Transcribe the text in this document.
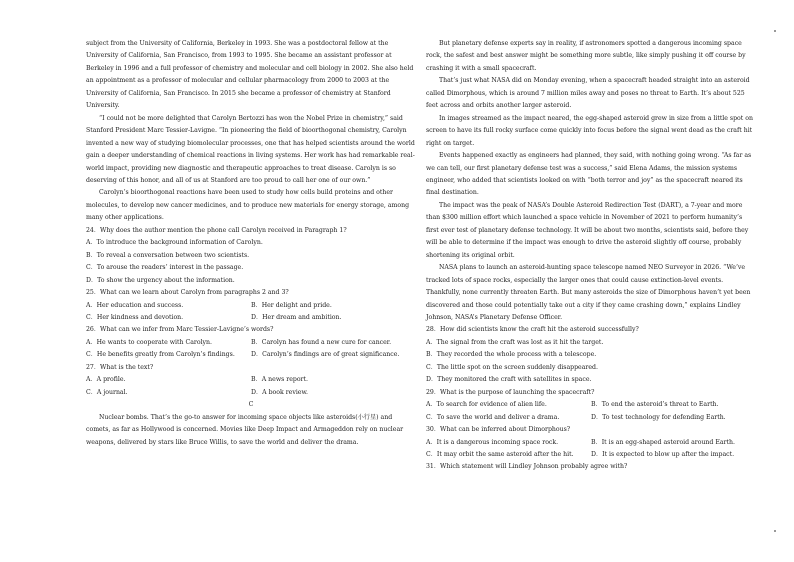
subject from the University of California, Berkeley in 1993. She was a postdoctoral fellow at the University of California, San Francisco, from 1993 to 1995. She became an assistant professor at Berkeley in 1996 and a full professor of chemistry and molecular and cell biology in 2002. She also held an appointment as a professor of molecular and cellular pharmacology from 2000 to 2003 at the University of California, San Francisco. In 2015 she became a professor of chemistry at Stanford University.

“I could not be more delighted that Carolyn Bertozzi has won the Nobel Prize in chemistry,” said Stanford President Marc Tessier-Lavigne. “In pioneering the field of bioorthogonal chemistry, Carolyn invented a new way of studying biomolecular processes, one that has helped scientists around the world gain a deeper understanding of chemical reactions in living systems. Her work has had remarkable real-world impact, providing new diagnostic and therapeutic approaches to treat disease. Carolyn is so deserving of this honor, and all of us at Stanford are too proud to call her one of our own.”

Carolyn’s bioorthogonal reactions have been used to study how cells build proteins and other molecules, to develop new cancer medicines, and to produce new materials for energy storage, among many other applications.

24．Why does the author mention the phone call Carolyn received in Paragraph 1?

A．To introduce the background information of Carolyn.

B．To reveal a conversation between two scientists.

C．To arouse the readers’ interest in the passage.

D．To show the urgency about the information.

25．What can we learn about Carolyn from paragraphs 2 and 3?

A．Her education and success.	B．Her delight and pride.
C．Her kindness and devotion.	D．Her dream and ambition.

26．What can we infer from Marc Tessier-Lavigne’s words?

A．He wants to cooperate with Carolyn.	B．Carolyn has found a new cure for cancer.
C．He benefits greatly from Carolyn’s findings.	D．Carolyn’s findings are of great significance.

27．What is the text?

A．A profile.	B．A news report.
C．A journal.	D．A book review.

C

Nuclear bombs. That’s the go-to answer for incoming space objects like asteroids(小行星) and comets, as far as Hollywood is concerned. Movies like Deep Impact and Armageddon rely on nuclear weapons, delivered by stars like Bruce Willis, to save the world and deliver the drama.

But planetary defense experts say in reality, if astronomers spotted a dangerous incoming space rock, the safest and best answer might be something more subtle, like simply pushing it off course by crashing it with a small spacecraft.

That’s just what NASA did on Monday evening, when a spacecraft headed straight into an asteroid called Dimorphous, which is around 7 million miles away and poses no threat to Earth. It’s about 525 feet across and orbits another larger asteroid.

In images streamed as the impact neared, the egg-shaped asteroid grew in size from a little spot on screen to have its full rocky surface come quickly into focus before the signal went dead as the craft hit right on target.

Events happened exactly as engineers had planned, they said, with nothing going wrong. “As far as we can tell, our first planetary defense test was a success,” said Elena Adams, the mission systems engineer, who added that scientists looked on with “both terror and joy” as the spacecraft neared its final destination.

The impact was the peak of NASA’s Double Asteroid Redirection Test (DART), a 7-year and more than $300 million effort which launched a space vehicle in November of 2021 to perform humanity’s first ever test of planetary defense technology. It will be about two months, scientists said, before they will be able to determine if the impact was enough to drive the asteroid slightly off course, probably shortening its original orbit.

NASA plans to launch an asteroid-hunting space telescope named NEO Surveyor in 2026. “We’ve tracked lots of space rocks, especially the larger ones that could cause extinction-level events. Thankfully, none currently threaten Earth. But many asteroids the size of Dimorphous haven’t yet been discovered and those could potentially take out a city if they came crashing down,” explains Lindley Johnson, NASA’s Planetary Defense Officer.

28．How did scientists know the craft hit the asteroid successfully?

A．The signal from the craft was lost as it hit the target.

B．They recorded the whole process with a telescope.

C．The little spot on the screen suddenly disappeared.

D．They monitored the craft with satellites in space.

29．What is the purpose of launching the spacecraft?

A．To search for evidence of alien life.	B．To end the asteroid’s threat to Earth.
C．To save the world and deliver a drama.	D．To test technology for defending Earth.

30．What can be inferred about Dimorphous?

A．It is a dangerous incoming space rock.	B．It is an egg-shaped asteroid around Earth.
C．It may orbit the same asteroid after the hit.	D．It is expected to blow up after the impact.

31．Which statement will Lindley Johnson probably agree with?
